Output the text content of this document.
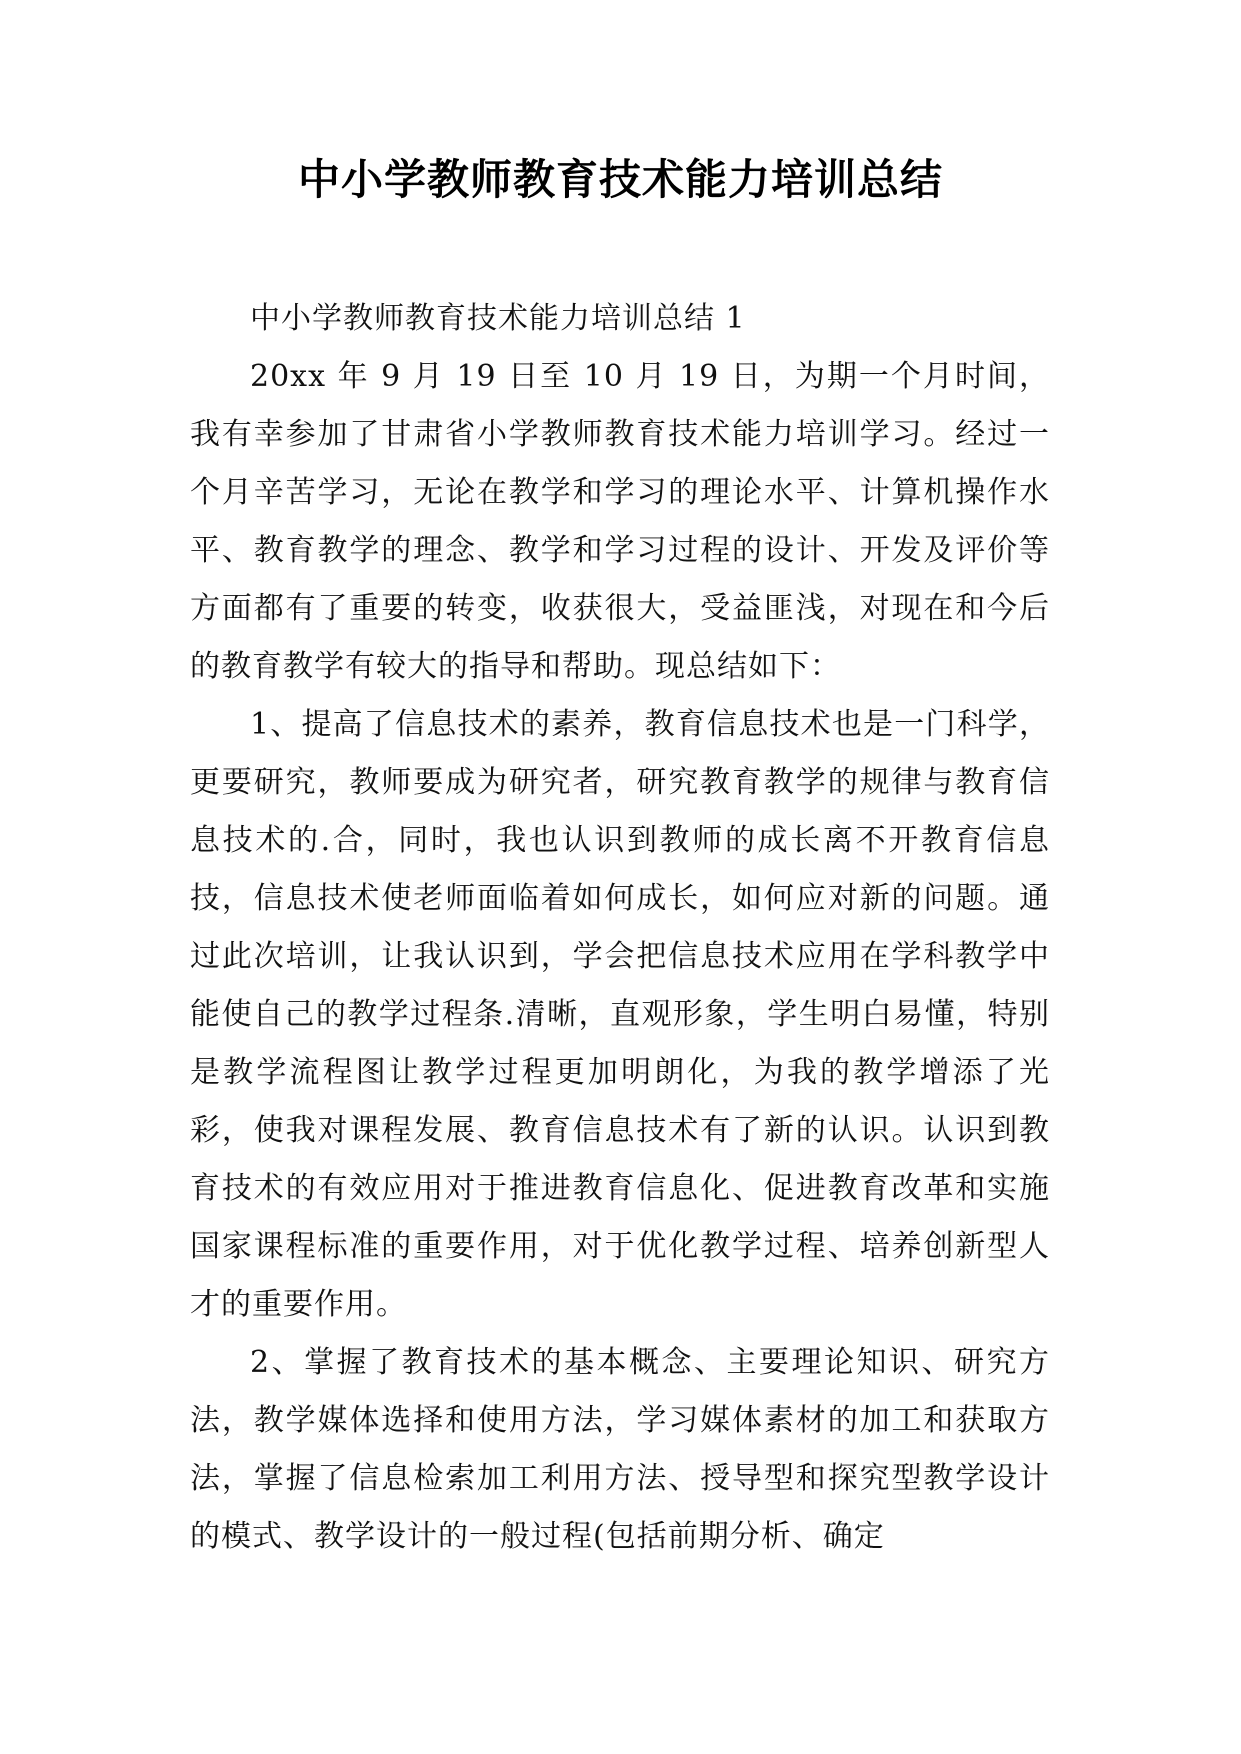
中小学教师教育技术能力培训总结

中小学教师教育技术能力培训总结 1

20xx 年 9 月 19 日至 10 月 19 日，为期一个月时间，我有幸参加了甘肃省小学教师教育技术能力培训学习。经过一个月辛苦学习，无论在教学和学习的理论水平、计算机操作水平、教育教学的理念、教学和学习过程的设计、开发及评价等方面都有了重要的转变，收获很大，受益匪浅，对现在和今后的教育教学有较大的指导和帮助。现总结如下：

1、提高了信息技术的素养，教育信息技术也是一门科学，更要研究，教师要成为研究者，研究教育教学的规律与教育信息技术的.合，同时，我也认识到教师的成长离不开教育信息技，信息技术使老师面临着如何成长，如何应对新的问题。通过此次培训，让我认识到，学会把信息技术应用在学科教学中能使自己的教学过程条.清晰，直观形象，学生明白易懂，特别是教学流程图让教学过程更加明朗化，为我的教学增添了光彩，使我对课程发展、教育信息技术有了新的认识。认识到教育技术的有效应用对于推进教育信息化、促进教育改革和实施国家课程标准的重要作用，对于优化教学过程、培养创新型人才的重要作用。

2、掌握了教育技术的基本概念、主要理论知识、研究方法，教学媒体选择和使用方法，学习媒体素材的加工和获取方法，掌握了信息检索加工利用方法、授导型和探究型教学设计的模式、教学设计的一般过程(包括前期分析、确定
